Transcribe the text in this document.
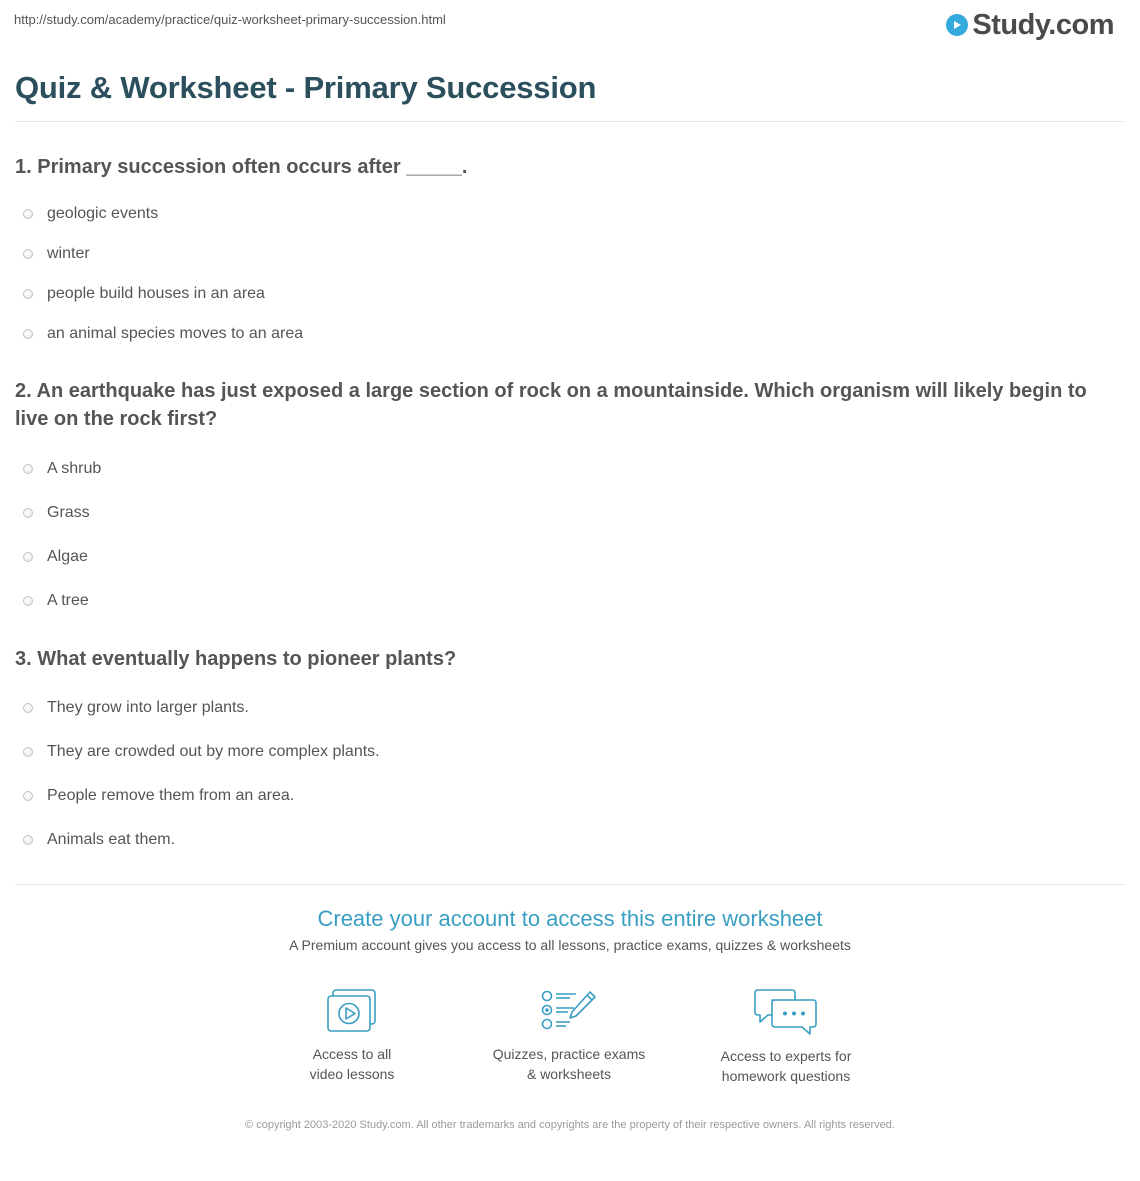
http://study.com/academy/practice/quiz-worksheet-primary-succession.html	Study.com
Quiz & Worksheet - Primary Succession

1. Primary succession often occurs after _____.

geologic events
winter
people build houses in an area
an animal species moves to an area

2. An earthquake has just exposed a large section of rock on a mountainside. Which organism will likely begin to live on the rock first?

A shrub
Grass
Algae
A tree

3. What eventually happens to pioneer plants?

They grow into larger plants.
They are crowded out by more complex plants.
People remove them from an area.
Animals eat them.
Create your account to access this entire worksheet
A Premium account gives you access to all lessons, practice exams, quizzes & worksheets
Access to all
video lessons
Quizzes, practice exams
& worksheets
Access to experts for
homework questions
© copyright 2003-2020 Study.com. All other trademarks and copyrights are the property of their respective owners. All rights reserved.
